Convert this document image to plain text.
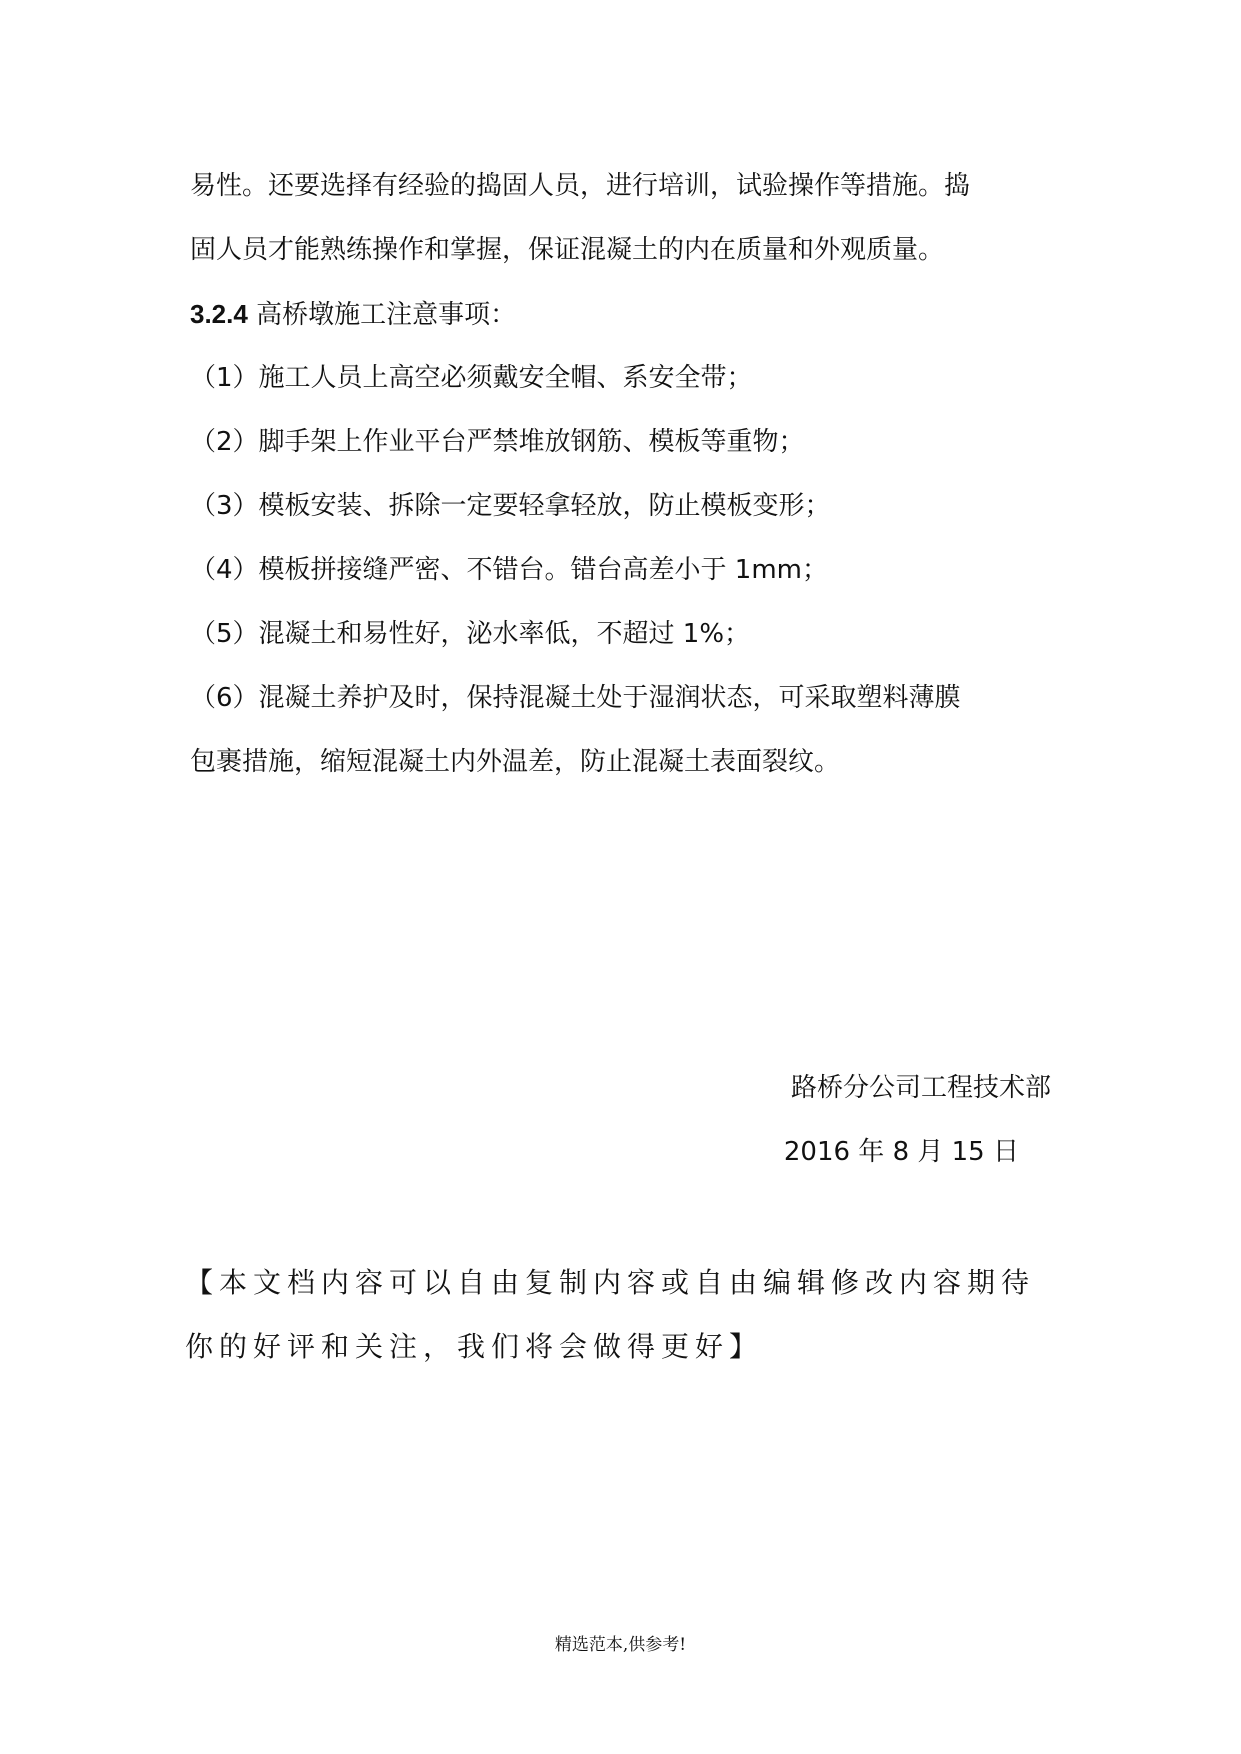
易性。还要选择有经验的捣固人员，进行培训，试验操作等措施。捣
固人员才能熟练操作和掌握，保证混凝土的内在质量和外观质量。
3.2.4 高桥墩施工注意事项：
（1）施工人员上高空必须戴安全帽、系安全带；
（2）脚手架上作业平台严禁堆放钢筋、模板等重物；
（3）模板安装、拆除一定要轻拿轻放，防止模板变形；
（4）模板拼接缝严密、不错台。错台高差小于 1mm；
（5）混凝土和易性好，泌水率低，不超过 1%；
（6）混凝土养护及时，保持混凝土处于湿润状态，可采取塑料薄膜
包裹措施，缩短混凝土内外温差，防止混凝土表面裂纹。
路桥分公司工程技术部
2016 年 8 月 15 日
【本文档内容可以自由复制内容或自由编辑修改内容期待
你的好评和关注，我们将会做得更好】
精选范本,供参考!
